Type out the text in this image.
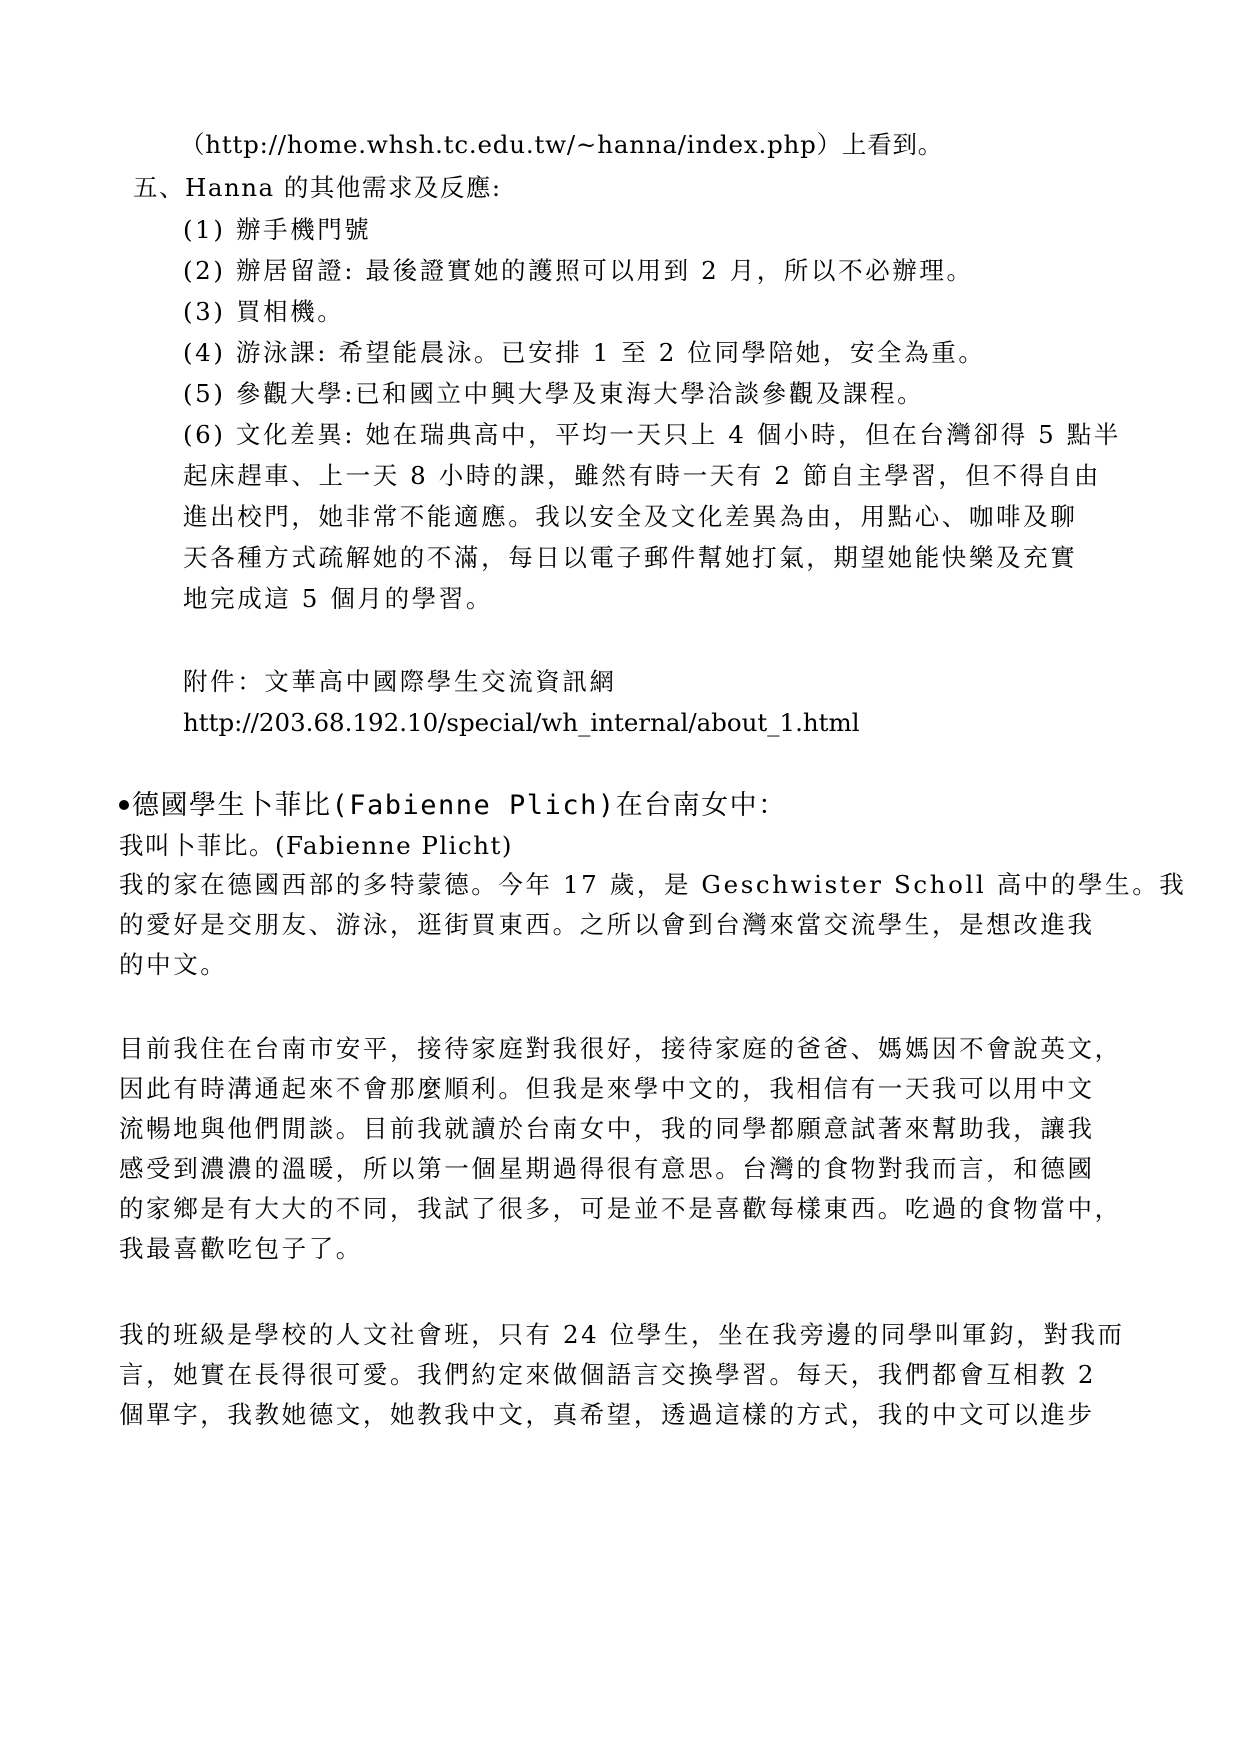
（http://home.whsh.tc.edu.tw/~hanna/index.php）上看到。
五、Hanna 的其他需求及反應:
(1) 辦手機門號
(2) 辦居留證: 最後證實她的護照可以用到 2 月，所以不必辦理。
(3) 買相機。
(4) 游泳課: 希望能晨泳。已安排 1 至 2 位同學陪她，安全為重。
(5) 參觀大學:已和國立中興大學及東海大學洽談參觀及課程。
(6) 文化差異: 她在瑞典高中，平均一天只上 4 個小時，但在台灣卻得 5 點半
起床趕車、上一天 8 小時的課，雖然有時一天有 2 節自主學習，但不得自由
進出校門，她非常不能適應。我以安全及文化差異為由，用點心、咖啡及聊
天各種方式疏解她的不滿，每日以電子郵件幫她打氣，期望她能快樂及充實
地完成這 5 個月的學習。
附件：文華高中國際學生交流資訊網
http://203.68.192.10/special/wh_internal/about_1.html
德國學生卜菲比(Fabienne Plich)在台南女中：
我叫卜菲比。(Fabienne Plicht)
我的家在德國西部的多特蒙德。今年 17 歲，是 Geschwister Scholl 高中的學生。我
的愛好是交朋友、游泳，逛街買東西。之所以會到台灣來當交流學生，是想改進我
的中文。
目前我住在台南市安平，接待家庭對我很好，接待家庭的爸爸、媽媽因不會說英文，
因此有時溝通起來不會那麼順利。但我是來學中文的，我相信有一天我可以用中文
流暢地與他們閒談。目前我就讀於台南女中，我的同學都願意試著來幫助我，讓我
感受到濃濃的溫暖，所以第一個星期過得很有意思。台灣的食物對我而言，和德國
的家鄉是有大大的不同，我試了很多，可是並不是喜歡每樣東西。吃過的食物當中，
我最喜歡吃包子了。
我的班級是學校的人文社會班，只有 24 位學生，坐在我旁邊的同學叫軍鈞，對我而
言，她實在長得很可愛。我們約定來做個語言交換學習。每天，我們都會互相教 2
個單字，我教她德文，她教我中文，真希望，透過這樣的方式，我的中文可以進步
